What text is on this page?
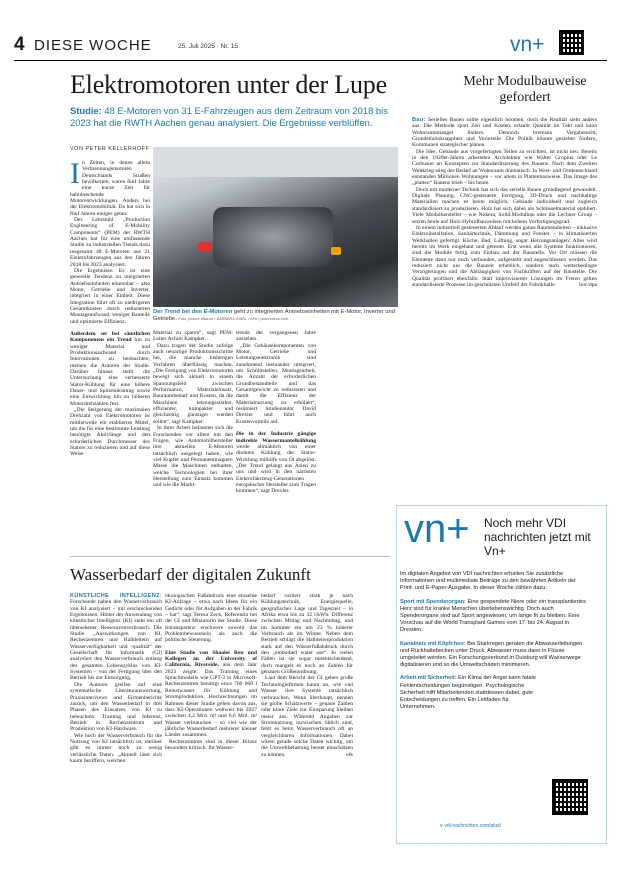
4 DIESE WOCHE	25. Juli 2025 · Nr. 15	vn+
Elektromotoren unter der Lupe
Studie: 48 E-Motoren von 31 E-Fahrzeugen aus dem Zeitraum von 2018 bis 2023 hat die RWTH Aachen genau analysiert. Die Ergebnisse verblüffen.
VON PETER KELLERHOFF

In Zeiten, in denen allein Verbrennungsmotoren Deutschlands Straßen bevölkerten, waren fünf Jahre eine kurze Zeit für bahnbrechende Motorentwicklungen. Anders bei der Elektromobilität. Da hat sich in fünf Jahren einiges getan.

Der Lehrstuhl „Production Engineering of E-Mobility Components“ (PEM) der RWTH Aachen hat für eine umfassende Studie zu industriellen Trends dazu insgesamt 48 E-Motoren aus 31 Elektrofahrzeugen aus den Jahren 2018 bis 2023 analysiert.

Die Ergebnisse: Es ist eine generelle Tendenz zu integrierten Antriebseinheiten erkennbar – also Motor, Getriebe und Inverter, integriert in einer Einheit. Diese Integration führt oft zu niedrigeren Gesamtkosten durch reduzierten Montageaufwand, weniger Bauteile und optimierte Effizienz.

Außerdem sei bei sämtlichen Komponenten ein Trend hin zu weniger Material und Produktionsaufwand durch Innovationen zu beobachten, meinen die Autoren der Studie. Darüber hinaus stellt die Untersuchung eine verbesserte Stator-Kühlung für eine höhere Dauer- und Spitzenleistung sowie eine Entwicklung hin zu höheren Motordrehzahlen fest.

„Die Steigerung der maximalen Drehzahl von Elektromotoren ist mittlerweile ein etabliertes Mittel, um die für eine bestimmte Leistung benötigte Aktivlänge und den erforderlichen Durchmesser des Stators zu reduzieren und auf diese Weise

Der Trend bei den E-Motoren geht zu integrierten Antriebseinheiten mit E-Motor, Inverter und Getriebe. Foto: picture alliance / BARBARA GINDL / APA / picturedesk.com

Material zu sparen“, sagt PEM-Leiter Achim Kampker.

Dazu tragen der Studie zufolge auch neuartige Produktionsschritte bei, die manche bisherigen Verfahren überflüssig machen. „Die Fertigung von Elektromotoren bewegt sich aktuell in einem Spannungsfeld zwischen Performance, Materialeinsatz, Bauraumbedarf und Kosten, da die Maschinen leistungsstärker, effizienter, kompakter und gleichzeitig günstiger werden sollen“, sagt Kampker.

In ihrer Arbeit befassten sich die Forschenden vor allem mit den Fragen, wie Automobilhersteller ihre aktuellen E-Motoren tatsächlich ausgelegt haben, wie viel Kupfer und Permanentmagnet-Masse die Maschinen enthalten, welche Technologien bei ihrer Herstellung zum Einsatz kommen und wie die Markt-

trends der vergangenen Jahre aussehen.

„Die Gehäusekomponenten von Motor, Getriebe und Leistungselektronik sind zunehmend ineinander integriert, um Schnittstellen, Montagearbeit, die Anzahl der erforderlichen Grundbestandteile und das Gesamtgewicht zu reduzieren und damit die Effizienz der Materialnutzung zu erhöhen“, resümiert Studienautor David Drexler und führt auch Kostenvorteile auf.

Die in der Industrie gängige indirekte Wassermantelkühlung werde allmählich von einer direkten Kühlung der Stator-Wicklung mithilfe von Öl abgelöst. „Der Trend gelangt aus Asien zu uns und wird in den nächsten Elektrofahrzeug-Generationen europäischer Hersteller zum Tragen kommen“, sagt Drexler.

Mehr Modulbauweise gefordert

Bau: Serielles Bauen sollte eigentlich boomen, doch die Realität sieht anders aus. Die Methode spart Zeit und Kosten, erlaubt Qualität im Takt und kann Wohnraummangel lindern. Dennoch bremsen Vergaberecht, Grundstücksknappheit und Vorurteile. Die Politik könnte gezielter fördern, Kommunen strategischer planen.

Die Idee, Gebäude aus vorgefertigten Teilen zu errichten, ist nicht neu. Bereits in den 1920er-Jahren arbeiteten Architekten wie Walter Gropius oder Le Corbusier an Konzepten zur Standardisierung des Bauens. Nach dem Zweiten Weltkrieg stieg der Bedarf an Wohnraum dramatisch. In West- und Ostdeutschland entstanden Millionen Wohnungen – vor allem in Plattenbauweise. Das Image des „platten“ Bauens blieb – bis heute.

Doch mit moderner Technik hat sich das serielle Bauen grundlegend gewandelt. Digitale Planung, CNC-gesteuerte Fertigung, 3D-Druck und nachhaltige Materialien machen es heute möglich, Gebäude individuell und zugleich standardisiert zu produzieren. Holz hat sich dabei als Schlüsselmaterial etabliert. Viele Modulhersteller – wie Nokera, Solid.Modulbau oder die Lechner Group – setzen heute auf Holz-Hybridbauweisen mit hohem Vorfertigungsgrad.

In einem industriell gesteuerten Ablauf werden ganze Raumeinheiten – inklusive Elektroinstallation, Sanitärtechnik, Dämmung und Fenster – in klimatisierten Werkhallen gefertigt. Küche, Bad, Lüftung, sogar Heizungsanlagen: Alles wird bereits im Werk eingebaut und getestet. Erst wenn alle Systeme funktionieren, sind die Module fertig zum Einbau auf der Baustelle. Vor Ort müssen die Elemente dann nur noch verbunden, aufgestellt und angeschlossen werden. Das reduziert nicht nur die Bauzeit erheblich, sondern auch wetterbedingte Verzögerungen und die Abhängigkeit von Fachkräften auf der Baustelle. Die Qualität profitiert ebenfalls: Statt improvisierter Lösungen im Freien gelten standardisierte Prozesse im geschützten Umfeld der Fabrikhalle.	hoc/dpa

vn+	Noch mehr VDI nachrichten jetzt mit Vn+

Im digitalen Angebot von VDI nachrichten erhalten Sie zusätzliche Informationen und multimediale Beiträge zu den bewährten Artikeln der Print- und E-Paper-Ausgabe. In dieser Woche zählen dazu:

Sport mit Spenderorgan: Eine gespendete Niere oder ein transplantiertes Herz sind für kranke Menschen überlebenswichtig. Doch auch Spenderorgane sind auf Sport angewiesen, um lange fit zu bleiben. Eine Vorschau auf die World Transplant Games vom 17. bis 24. August in Dresden.

Kanalnetz mit Köpfchen: Bei Starkregen geraten die Abwasserleitungen und Rückhaltebecken unter Druck, Abwasser muss dann in Flüsse umgeleitet werden. Ein Forschungsverbund in Duisburg will Wasserwege digitalisieren und so die Umweltschäden minimieren.

Arbeit mit Sicherheit: Ein Klima der Angst kann fatale Fehlentscheidungen begünstigen. Psychologische Sicherheit hilft Mitarbeitenden stattdessen dabei, gute Entscheidungen zu treffen. Ein Leitfaden für Unternehmen.

≡ vdi-nachrichten.com/plus/
Wasserbedarf der digitalen Zukunft

KÜNSTLICHE INTELLIGENZ: Forschende haben den Wasserverbrauch von KI analysiert – mit erschreckenden Ergebnissen. Hinter der Anwendung von künstlicher Intelligenz (KI) steht ein oft übersehener Ressourcenverbrauch. Die Studie „Auswirkungen von KI, Rechenzentren und Halbleitern auf Wasserverfügbarkeit und -qualität“ der Gesellschaft für Informatik (GI) analysiert den Wasserverbrauch entlang des gesamten Lebenszyklus von KI-Systemen – von der Fertigung über den Betrieb bis zur Entsorgung.

Die Autoren greifen auf eine systematische Literaturauswertung, Praxisinterviews und Firmenberichte zurück, um den Wasserbedarf in drei Phasen des Einsatzes von KI zu beleuchten: Training und Inferenz, Betrieb in Rechenzentrum und Produktion von KI-Hardware.

Wie hoch der Wasserverbrauch für die Nutzung von KI tatsächlich ist, darüber gibt es immer noch zu wenig verlässliche Daten. „Aktuell lässt sich kaum beziffern, welchen

ökologischen Fußabdruck eine einzelne KI-Anfrage – etwa nach Ideen für ein Gedicht oder für Aufgaben in der Fabrik – hat“, sagt Teresa Zeck, Referentin bei der GI und Mitautorin der Studie. Diese Intransparenz erschwere sowohl das Problembewusstsein als auch die politische Steuerung.

Eine Studie von Shaolei Ren und Kollegen an der University of California, Riverside, aus dem Jahr 2023 zeigte: Das Training eines Sprachmodells wie GPT-3 in Microsoft-Rechenzentren benötigt etwa 700 000 l Reinstwasser für Kühlung und Stromproduktion. Hochrechnungen im Rahmen dieser Studie gehen davon aus, dass KI-Operationen weltweit bis 2027 zwischen 4,2 Mrd. m³ und 6,6 Mrd. m³ Wasser verbrauchen – so viel wie der jährliche Wasserbedarf mehrerer kleiner Länder zusammen.

Rechenzentren sind in dieser Bilanz besonders kritisch. Ihr Wasser-

bedarf variiert stark je nach Kühlungstechnik, Energiequelle, geografischer Lage und Tageszeit – in Afrika etwa bis zu 32 l/kWh. Differenz zwischen Mittag und Nachmittag, und im Sommer ein um 23 % höherer Verbrauch als im Winter. Neben dem Betrieb schlägt die Halbleiterproduktion stark auf den Wasserfußabdruck durch den „embodied water use“. In vielen Fällen ist sie sogar mitentscheidend, doch mangelt es noch an Zahlen für genauen Größenordnung.

Laut dem Bericht der GI geben große Technologiefirmen kaum an, wie viel Wasser ihre Systeme tatsächlich verbrauchen. Wenn überhaupt, nennen sie grobe Schätzwerte – genaue Zahlen oder klare Ziele zur Einsparung bleiben meist aus. Während Angaben zur Stromnutzung inzwischen üblich sind, fehlt es beim Wasserverbrauch oft an vergleichbaren Informationen. Dabei wären gerade solche Daten wichtig, um die Umweltbelastung besser einschätzen zu können.	elk
